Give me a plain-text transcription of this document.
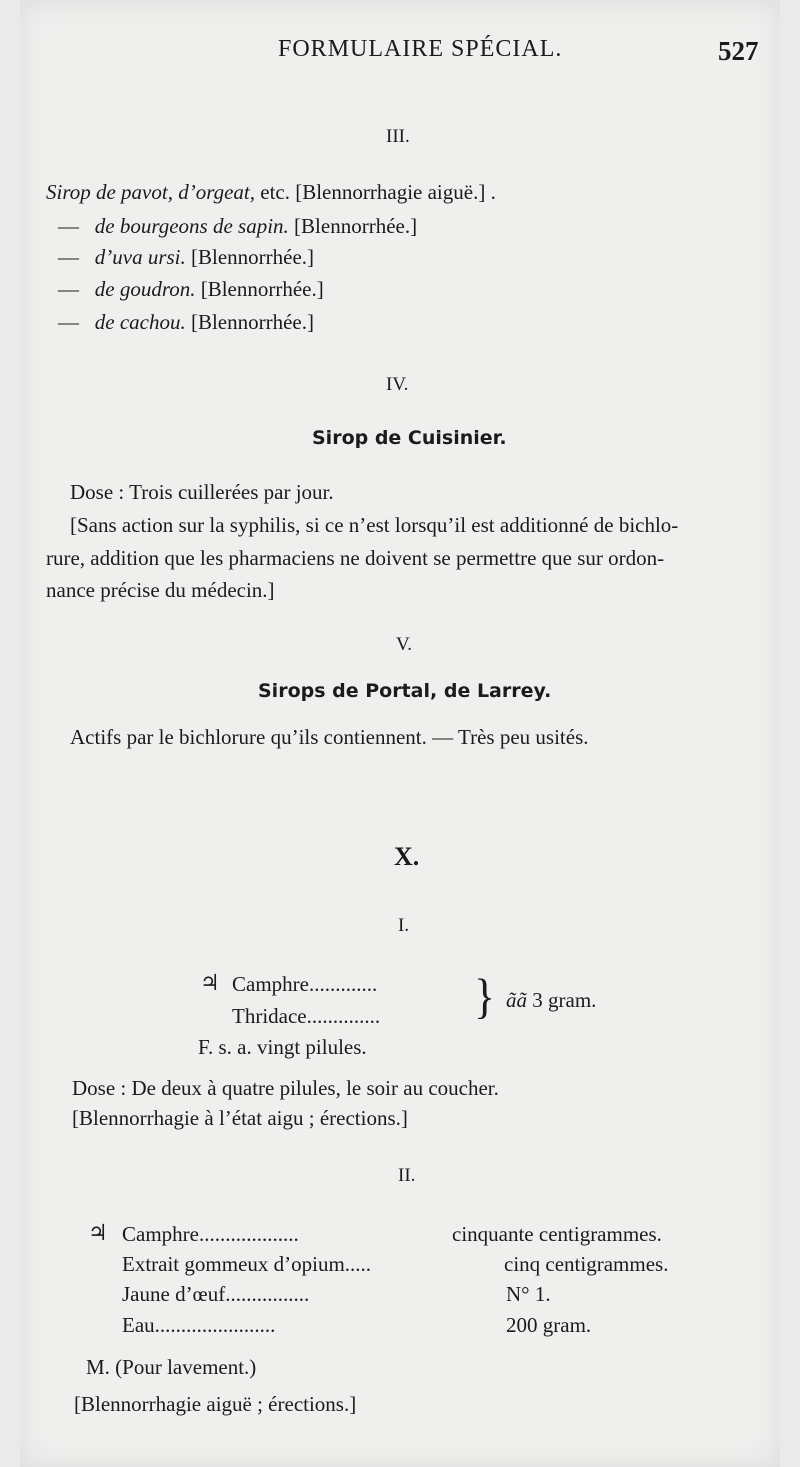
FORMULAIRE SPÉCIAL.	527
III.
Sirop de pavot, d’orgeat, etc. [Blennorrhagie aiguë.] .
— de bourgeons de sapin. [Blennorrhée.]
— d’uva ursi. [Blennorrhée.]
— de goudron. [Blennorrhée.]
— de cachou. [Blennorrhée.]
IV.
Sirop de Cuisinier.
Dose : Trois cuillerées par jour.
[Sans action sur la syphilis, si ce n’est lorsqu’il est additionné de bichlo-
rure, addition que les pharmaciens ne doivent se permettre que sur ordon-
nance précise du médecin.]
V.
Sirops de Portal, de Larrey.
Actifs par le bichlorure qu’ils contiennent. — Très peu usités.
X.
I.
♃ Camphre.............
Thridace.............. } ãã 3 gram.
F. s. a. vingt pilules.
Dose : De deux à quatre pilules, le soir au coucher.
[Blennorrhagie à l’état aigu ; érections.]
II.
♃ Camphre...................	cinquante centigrammes.
Extrait gommeux d’opium.....	cinq centigrammes.
Jaune d’œuf................	N° 1.
Eau.......................	200 gram.
M. (Pour lavement.)
[Blennorrhagie aiguë ; érections.]
